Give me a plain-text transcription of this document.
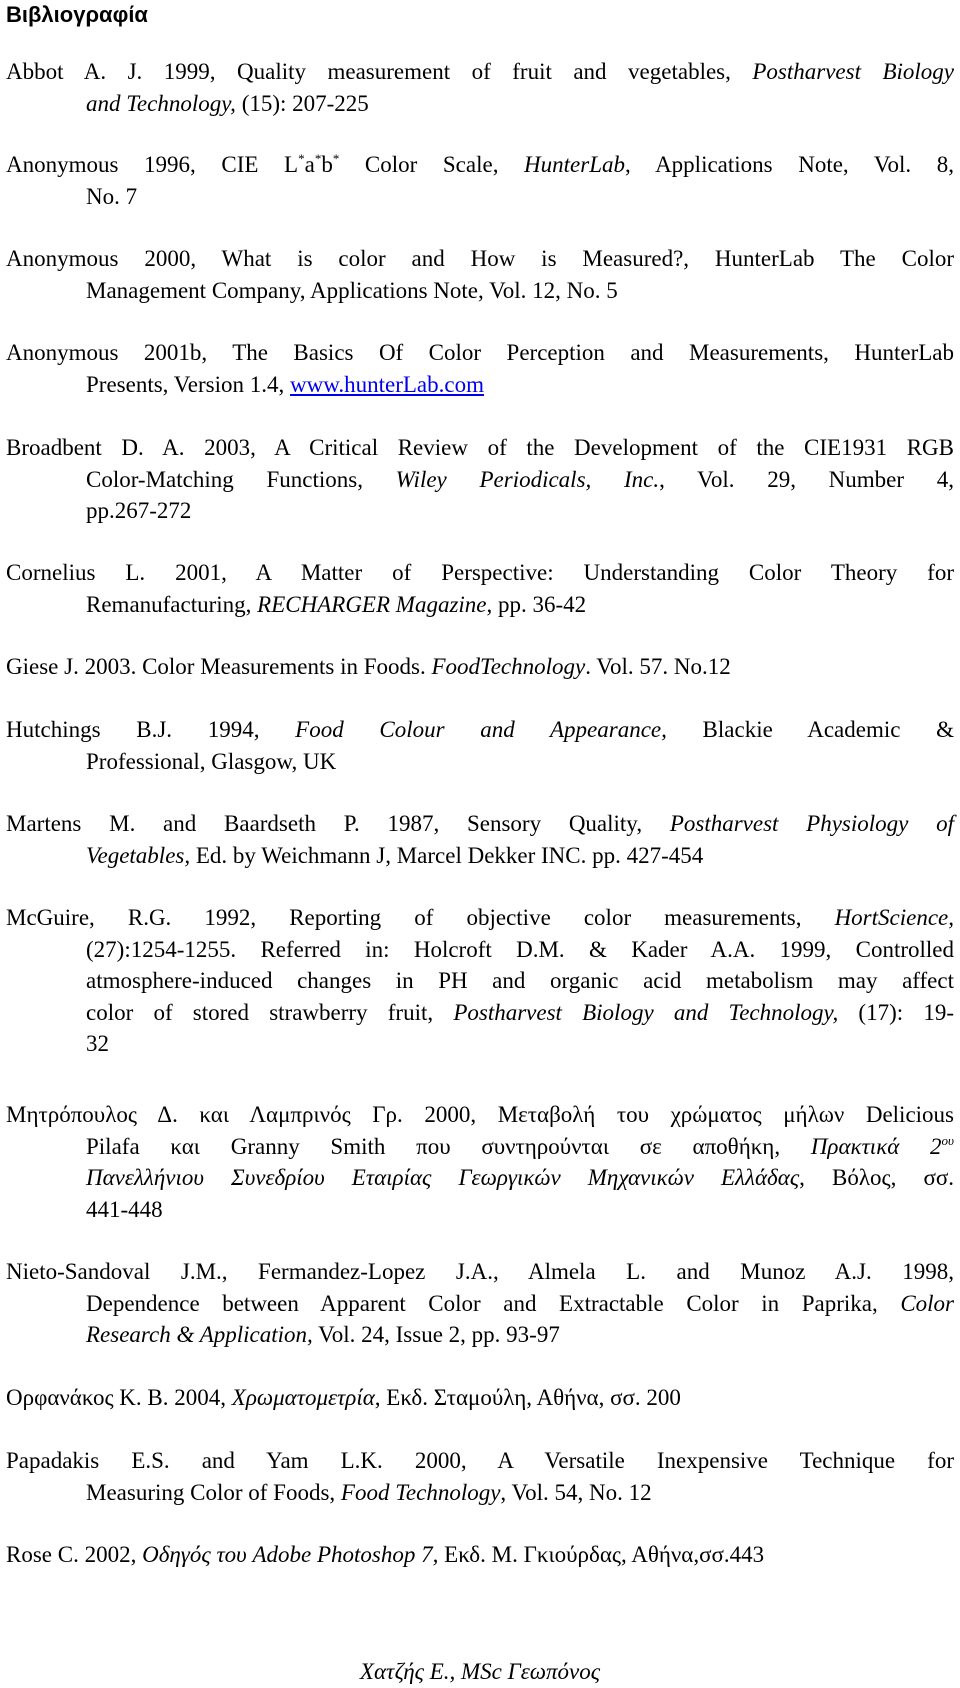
Βιβλιογραφία
Abbot A. J. 1999, Quality measurement of fruit and vegetables, Postharvest Biology
and Technology, (15): 207-225
Anonymous 1996, CIE L*a*b* Color Scale, HunterLab, Applications Note, Vol. 8,
No. 7
Anonymous 2000, What is color and How is Measured?, HunterLab The Color
Management Company, Applications Note, Vol. 12, No. 5
Anonymous 2001b, The Basics Of Color Perception and Measurements, HunterLab
Presents, Version 1.4, www.hunterLab.com
Broadbent D. A. 2003, A Critical Review of the Development of the CIE1931 RGB
Color-Matching Functions, Wiley Periodicals, Inc., Vol. 29, Number 4,
pp.267-272
Cornelius L. 2001, A Matter of Perspective: Understanding Color Theory for
Remanufacturing, RECHARGER Magazine, pp. 36-42
Giese J. 2003. Color Measurements in Foods. FoodTechnology. Vol. 57. No.12
Hutchings B.J. 1994, Food Colour and Appearance, Blackie Academic &
Professional, Glasgow, UK
Martens M. and Baardseth P. 1987, Sensory Quality, Postharvest Physiology of
Vegetables, Ed. by Weichmann J, Marcel Dekker INC. pp. 427-454
McGuire, R.G. 1992, Reporting of objective color measurements, HortScience,
(27):1254-1255. Referred in: Holcroft D.M. & Kader A.A. 1999, Controlled
atmosphere-induced changes in PH and organic acid metabolism may affect
color of stored strawberry fruit, Postharvest Biology and Technology, (17): 19-
32
Μητρόπουλος Δ. και Λαμπρινός Γρ. 2000, Μεταβολή του χρώματος μήλων Delicious
Pilafa και Granny Smith που συντηρούνται σε αποθήκη, Πρακτικά $2^{o\upsilon}$
Πανελλήνιου Συνεδρίου Εταιρίας Γεωργικών Μηχανικών Ελλάδας, Βόλος, σσ.
441-448
Nieto-Sandoval J.M., Fermandez-Lopez J.A., Almela L. and Munoz A.J. 1998,
Dependence between Apparent Color and Extractable Color in Paprika, Color
Research & Application, Vol. 24, Issue 2, pp. 93-97
Ορφανάκος Κ. Β. 2004, Χρωματομετρία, Εκδ. Σταμούλη, Αθήνα, σσ. 200
Papadakis E.S. and Yam L.K. 2000, A Versatile Inexpensive Technique for
Measuring Color of Foods, Food Technology, Vol. 54, No. 12
Rose C. 2002, Οδηγός του Adobe Photoshop 7, Εκδ. Μ. Γκιούρδας, Αθήνα,σσ.443
Χατζής Ε., MSc Γεωπόνος
